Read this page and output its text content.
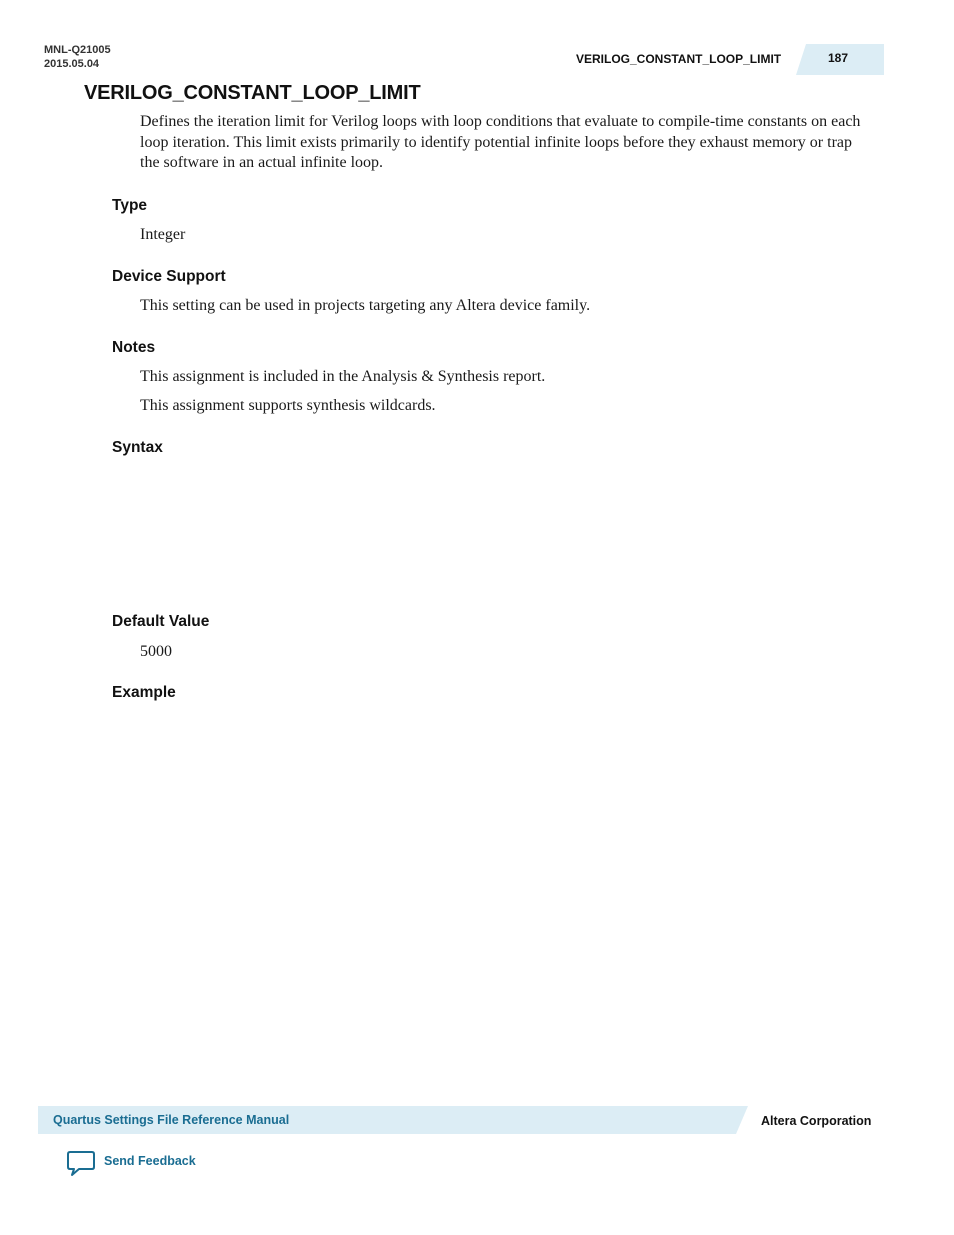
MNL-Q21005
2015.05.04	VERILOG_CONSTANT_LOOP_LIMIT	187
VERILOG_CONSTANT_LOOP_LIMIT

Defines the iteration limit for Verilog loops with loop conditions that evaluate to compile-time constants on each loop iteration. This limit exists primarily to identify potential infinite loops before they exhaust memory or trap the software in an actual infinite loop.

Type

Integer

Device Support

This setting can be used in projects targeting any Altera device family.

Notes

This assignment is included in the Analysis & Synthesis report.

This assignment supports synthesis wildcards.

Syntax
Default Value

5000

Example
Quartus Settings File Reference Manual	Altera Corporation
Send Feedback
